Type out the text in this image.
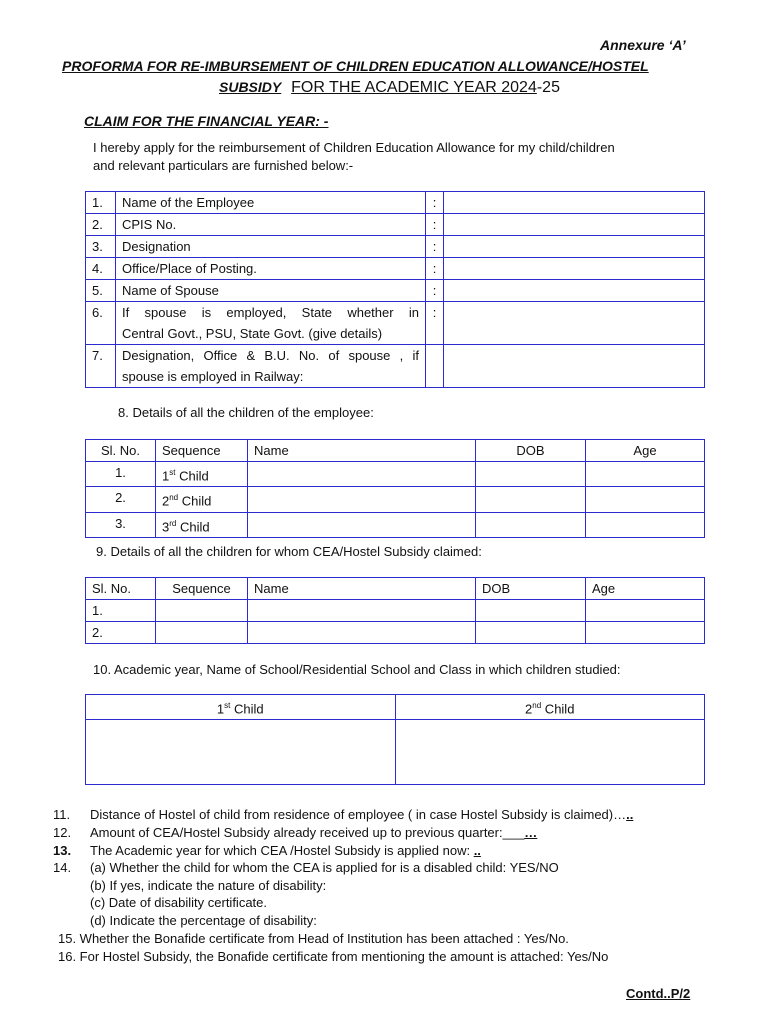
Annexure ‘A’
PROFORMA FOR RE-IMBURSEMENT OF CHILDREN EDUCATION ALLOWANCE/HOSTEL
SUBSIDY FOR THE ACADEMIC YEAR 2024-25
CLAIM FOR THE FINANCIAL YEAR: -
I hereby apply for the reimbursement of Children Education Allowance for my child/children
and relevant particulars are furnished below:-
1.	Name of the Employee	:	
2.	CPIS No.	:	
3.	Designation	:	
4.	Office/Place of Posting.	:	
5.	Name of Spouse	:	
6.	If spouse is employed, State whether in
Central Govt., PSU, State Govt. (give details)	:	
7.	Designation, Office & B.U. No. of spouse , if
spouse is employed in Railway:		

8. Details of all the children of the employee:
Sl. No.	Sequence	Name	DOB	Age
1.	1st Child			
2.	2nd Child			
3.	3rd Child			
9. Details of all the children for whom CEA/Hostel Subsidy claimed:
Sl. No.	Sequence	Name	DOB	Age
1.				
2.				
10. Academic year, Name of School/Residential School and Class in which children studied:
1st Child	2nd Child

11. Distance of Hostel of child from residence of employee ( in case Hostel Subsidy is claimed)…..
12. Amount of CEA/Hostel Subsidy already received up to previous quarter:___…
13. The Academic year for which CEA /Hostel Subsidy is applied now: ..
14. (a) Whether the child for whom the CEA is applied for is a disabled child: YES/NO
(b) If yes, indicate the nature of disability:
(c) Date of disability certificate.
(d) Indicate the percentage of disability:
15. Whether the Bonafide certificate from Head of Institution has been attached : Yes/No.
16. For Hostel Subsidy, the Bonafide certificate from mentioning the amount is attached: Yes/No
Contd..P/2
